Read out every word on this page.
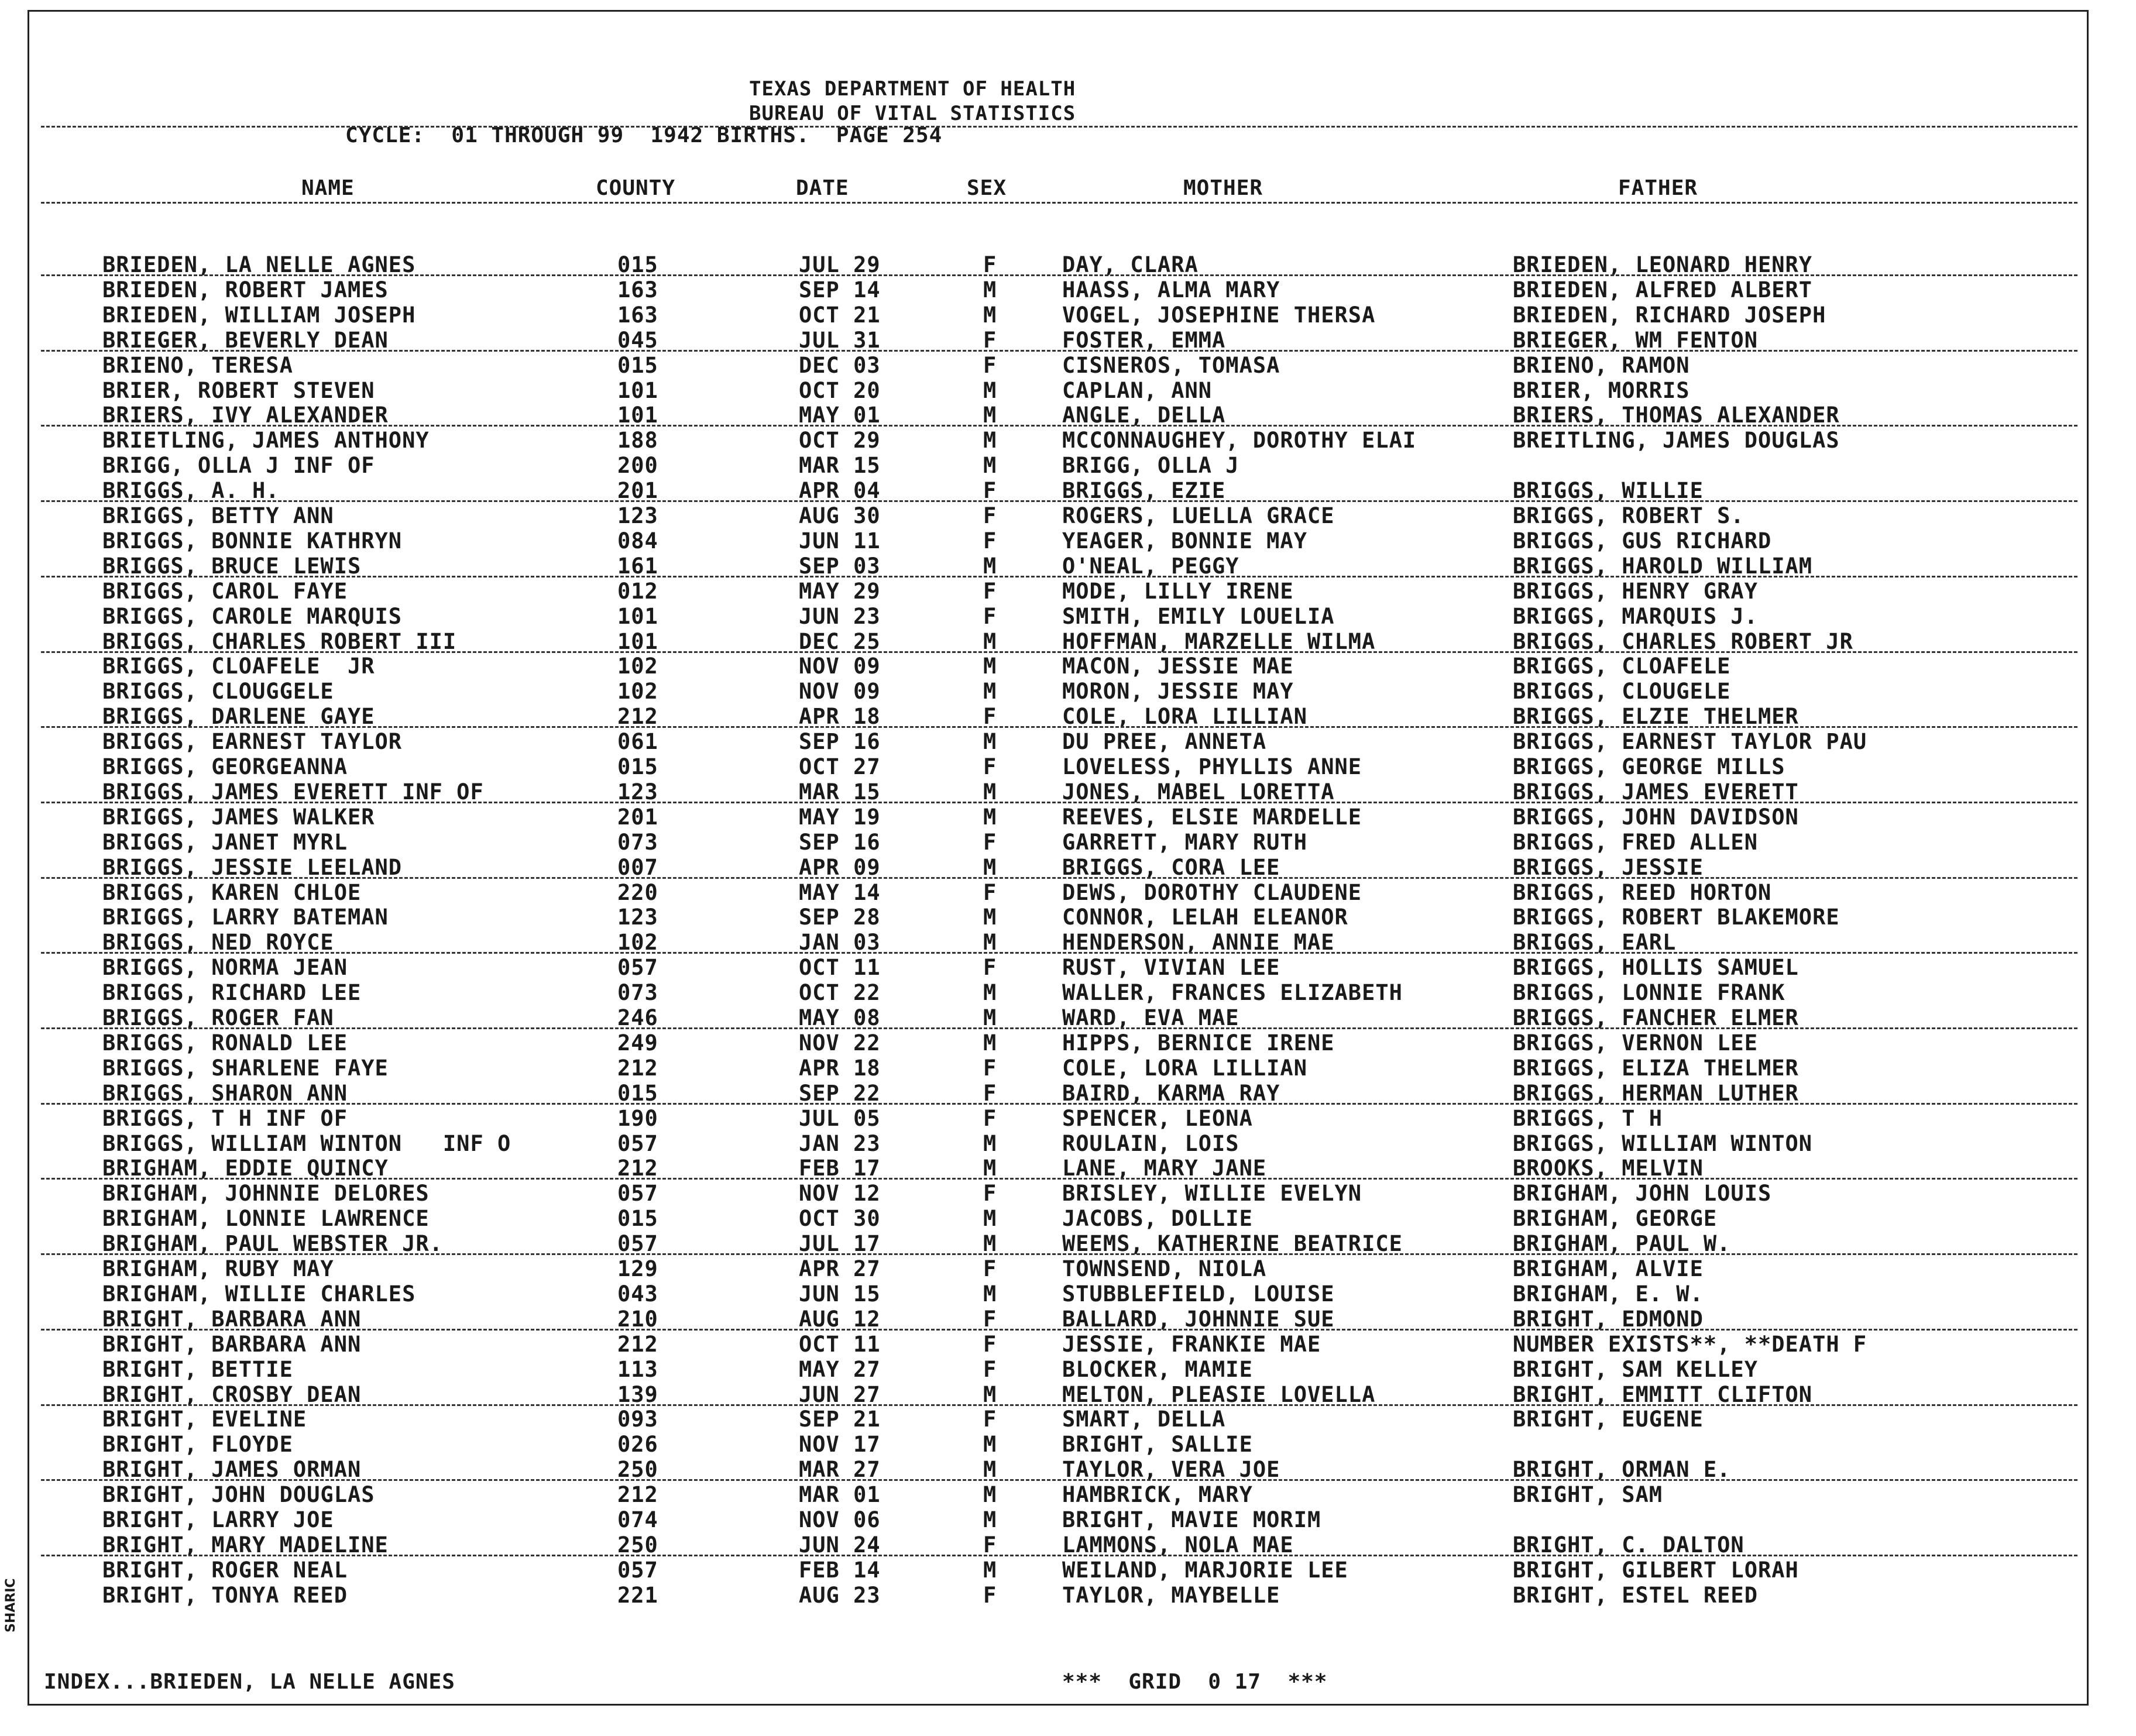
TEXAS DEPARTMENT OF HEALTH
BUREAU OF VITAL STATISTICS
CYCLE:  01 THROUGH 99  1942 BIRTHS.  PAGE 254
NAME	COUNTY	DATE	SEX	MOTHER	FATHER
BRIEDEN, LA NELLE AGNES	015	JUL 29	F	DAY, CLARA	BRIEDEN, LEONARD HENRY
BRIEDEN, ROBERT JAMES	163	SEP 14	M	HAASS, ALMA MARY	BRIEDEN, ALFRED ALBERT
BRIEDEN, WILLIAM JOSEPH	163	OCT 21	M	VOGEL, JOSEPHINE THERSA	BRIEDEN, RICHARD JOSEPH
BRIEGER, BEVERLY DEAN	045	JUL 31	F	FOSTER, EMMA	BRIEGER, WM FENTON
BRIENO, TERESA	015	DEC 03	F	CISNEROS, TOMASA	BRIENO, RAMON
BRIER, ROBERT STEVEN	101	OCT 20	M	CAPLAN, ANN	BRIER, MORRIS
BRIERS, IVY ALEXANDER	101	MAY 01	M	ANGLE, DELLA	BRIERS, THOMAS ALEXANDER
BRIETLING, JAMES ANTHONY	188	OCT 29	M	MCCONNAUGHEY, DOROTHY ELAI	BREITLING, JAMES DOUGLAS
BRIGG, OLLA J INF OF	200	MAR 15	M	BRIGG, OLLA J
BRIGGS, A. H.	201	APR 04	F	BRIGGS, EZIE	BRIGGS, WILLIE
BRIGGS, BETTY ANN	123	AUG 30	F	ROGERS, LUELLA GRACE	BRIGGS, ROBERT S.
BRIGGS, BONNIE KATHRYN	084	JUN 11	F	YEAGER, BONNIE MAY	BRIGGS, GUS RICHARD
BRIGGS, BRUCE LEWIS	161	SEP 03	M	O'NEAL, PEGGY	BRIGGS, HAROLD WILLIAM
BRIGGS, CAROL FAYE	012	MAY 29	F	MODE, LILLY IRENE	BRIGGS, HENRY GRAY
BRIGGS, CAROLE MARQUIS	101	JUN 23	F	SMITH, EMILY LOUELIA	BRIGGS, MARQUIS J.
BRIGGS, CHARLES ROBERT III	101	DEC 25	M	HOFFMAN, MARZELLE WILMA	BRIGGS, CHARLES ROBERT JR
BRIGGS, CLOAFELE  JR	102	NOV 09	M	MACON, JESSIE MAE	BRIGGS, CLOAFELE
BRIGGS, CLOUGGELE	102	NOV 09	M	MORON, JESSIE MAY	BRIGGS, CLOUGELE
BRIGGS, DARLENE GAYE	212	APR 18	F	COLE, LORA LILLIAN	BRIGGS, ELZIE THELMER
BRIGGS, EARNEST TAYLOR	061	SEP 16	M	DU PREE, ANNETA	BRIGGS, EARNEST TAYLOR PAU
BRIGGS, GEORGEANNA	015	OCT 27	F	LOVELESS, PHYLLIS ANNE	BRIGGS, GEORGE MILLS
BRIGGS, JAMES EVERETT INF OF	123	MAR 15	M	JONES, MABEL LORETTA	BRIGGS, JAMES EVERETT
BRIGGS, JAMES WALKER	201	MAY 19	M	REEVES, ELSIE MARDELLE	BRIGGS, JOHN DAVIDSON
BRIGGS, JANET MYRL	073	SEP 16	F	GARRETT, MARY RUTH	BRIGGS, FRED ALLEN
BRIGGS, JESSIE LEELAND	007	APR 09	M	BRIGGS, CORA LEE	BRIGGS, JESSIE
BRIGGS, KAREN CHLOE	220	MAY 14	F	DEWS, DOROTHY CLAUDENE	BRIGGS, REED HORTON
BRIGGS, LARRY BATEMAN	123	SEP 28	M	CONNOR, LELAH ELEANOR	BRIGGS, ROBERT BLAKEMORE
BRIGGS, NED ROYCE	102	JAN 03	M	HENDERSON, ANNIE MAE	BRIGGS, EARL
BRIGGS, NORMA JEAN	057	OCT 11	F	RUST, VIVIAN LEE	BRIGGS, HOLLIS SAMUEL
BRIGGS, RICHARD LEE	073	OCT 22	M	WALLER, FRANCES ELIZABETH	BRIGGS, LONNIE FRANK
BRIGGS, ROGER FAN	246	MAY 08	M	WARD, EVA MAE	BRIGGS, FANCHER ELMER
BRIGGS, RONALD LEE	249	NOV 22	M	HIPPS, BERNICE IRENE	BRIGGS, VERNON LEE
BRIGGS, SHARLENE FAYE	212	APR 18	F	COLE, LORA LILLIAN	BRIGGS, ELIZA THELMER
BRIGGS, SHARON ANN	015	SEP 22	F	BAIRD, KARMA RAY	BRIGGS, HERMAN LUTHER
BRIGGS, T H INF OF	190	JUL 05	F	SPENCER, LEONA	BRIGGS, T H
BRIGGS, WILLIAM WINTON   INF O	057	JAN 23	M	ROULAIN, LOIS	BRIGGS, WILLIAM WINTON
BRIGHAM, EDDIE QUINCY	212	FEB 17	M	LANE, MARY JANE	BROOKS, MELVIN
BRIGHAM, JOHNNIE DELORES	057	NOV 12	F	BRISLEY, WILLIE EVELYN	BRIGHAM, JOHN LOUIS
BRIGHAM, LONNIE LAWRENCE	015	OCT 30	M	JACOBS, DOLLIE	BRIGHAM, GEORGE
BRIGHAM, PAUL WEBSTER JR.	057	JUL 17	M	WEEMS, KATHERINE BEATRICE	BRIGHAM, PAUL W.
BRIGHAM, RUBY MAY	129	APR 27	F	TOWNSEND, NIOLA	BRIGHAM, ALVIE
BRIGHAM, WILLIE CHARLES	043	JUN 15	M	STUBBLEFIELD, LOUISE	BRIGHAM, E. W.
BRIGHT, BARBARA ANN	210	AUG 12	F	BALLARD, JOHNNIE SUE	BRIGHT, EDMOND
BRIGHT, BARBARA ANN	212	OCT 11	F	JESSIE, FRANKIE MAE	NUMBER EXISTS**, **DEATH F
BRIGHT, BETTIE	113	MAY 27	F	BLOCKER, MAMIE	BRIGHT, SAM KELLEY
BRIGHT, CROSBY DEAN	139	JUN 27	M	MELTON, PLEASIE LOVELLA	BRIGHT, EMMITT CLIFTON
BRIGHT, EVELINE	093	SEP 21	F	SMART, DELLA	BRIGHT, EUGENE
BRIGHT, FLOYDE	026	NOV 17	M	BRIGHT, SALLIE
BRIGHT, JAMES ORMAN	250	MAR 27	M	TAYLOR, VERA JOE	BRIGHT, ORMAN E.
BRIGHT, JOHN DOUGLAS	212	MAR 01	M	HAMBRICK, MARY	BRIGHT, SAM
BRIGHT, LARRY JOE	074	NOV 06	M	BRIGHT, MAVIE MORIM
BRIGHT, MARY MADELINE	250	JUN 24	F	LAMMONS, NOLA MAE	BRIGHT, C. DALTON
BRIGHT, ROGER NEAL	057	FEB 14	M	WEILAND, MARJORIE LEE	BRIGHT, GILBERT LORAH
BRIGHT, TONYA REED	221	AUG 23	F	TAYLOR, MAYBELLE	BRIGHT, ESTEL REED
INDEX...BRIEDEN, LA NELLE AGNES	***  GRID  0 17  ***
SHARIC
